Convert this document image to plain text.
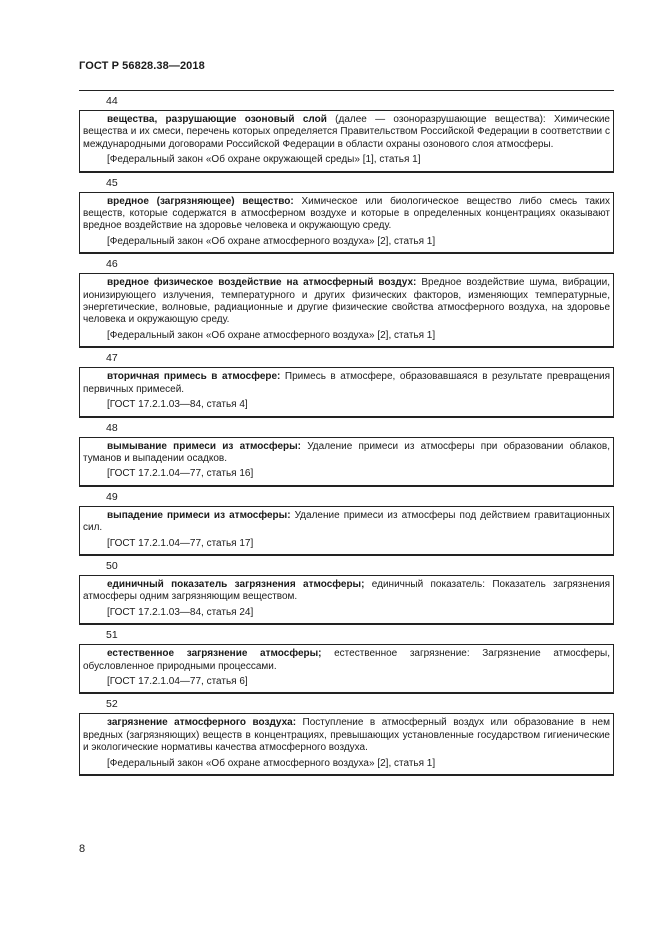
ГОСТ Р 56828.38—2018
44

вещества, разрушающие озоновый слой (далее — озоноразрушающие вещества): Химические вещества и их смеси, перечень которых определяется Правительством Российской Федерации в соответствии с международными договорами Российской Федерации в области охраны озонового слоя атмосферы.

[Федеральный закон «Об охране окружающей среды» [1], статья 1]
45

вредное (загрязняющее) вещество: Химическое или биологическое вещество либо смесь таких веществ, которые содержатся в атмосферном воздухе и которые в определенных концентрациях оказывают вредное воздействие на здоровье человека и окружающую среду.

[Федеральный закон «Об охране атмосферного воздуха» [2], статья 1]
46

вредное физическое воздействие на атмосферный воздух: Вредное воздействие шума, вибрации, ионизирующего излучения, температурного и других физических факторов, изменяющих температурные, энергетические, волновые, радиационные и другие физические свойства атмосферного воздуха, на здоровье человека и окружающую среду.

[Федеральный закон «Об охране атмосферного воздуха» [2], статья 1]
47

вторичная примесь в атмосфере: Примесь в атмосфере, образовавшаяся в результате превращения первичных примесей.

[ГОСТ 17.2.1.03—84, статья 4]
48

вымывание примеси из атмосферы: Удаление примеси из атмосферы при образовании облаков, туманов и выпадении осадков.

[ГОСТ 17.2.1.04—77, статья 16]
49

выпадение примеси из атмосферы: Удаление примеси из атмосферы под действием гравитационных сил.

[ГОСТ 17.2.1.04—77, статья 17]
50

единичный показатель загрязнения атмосферы; единичный показатель: Показатель загрязнения атмосферы одним загрязняющим веществом.

[ГОСТ 17.2.1.03—84, статья 24]
51

естественное загрязнение атмосферы; естественное загрязнение: Загрязнение атмосферы, обусловленное природными процессами.

[ГОСТ 17.2.1.04—77, статья 6]
52

загрязнение атмосферного воздуха: Поступление в атмосферный воздух или образование в нем вредных (загрязняющих) веществ в концентрациях, превышающих установленные государством гигиенические и экологические нормативы качества атмосферного воздуха.

[Федеральный закон «Об охране атмосферного воздуха» [2], статья 1]
8
